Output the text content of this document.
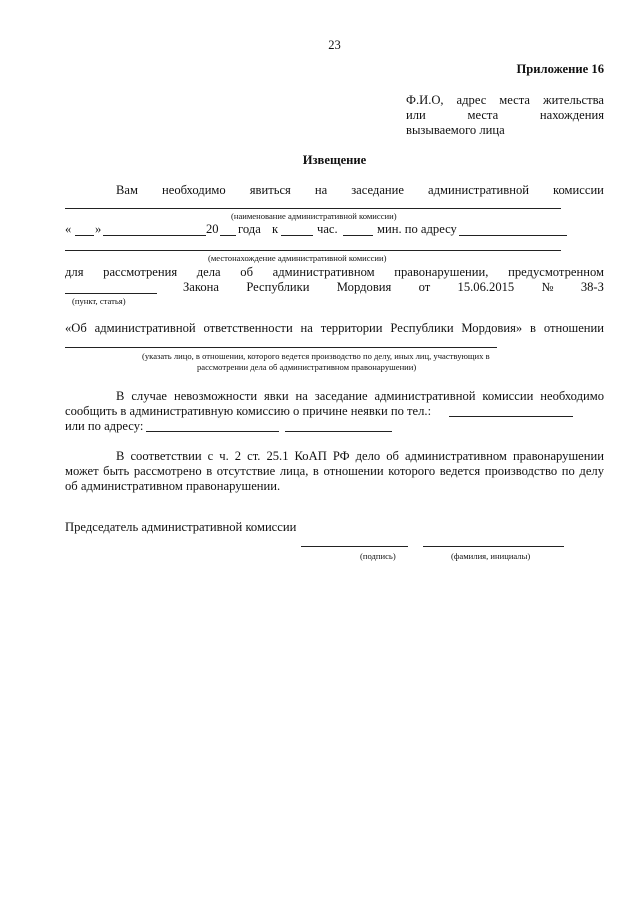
23
Приложение 16
Ф.И.О, адрес места жительства
или	места	нахождения
вызываемого лица
Извещение
Вам необходимо явиться на заседание административной комиссии
(наименование административной комиссии)
« »	20 года к	час.	мин. по адресу
(местонахождение административной комиссии)
для рассмотрения дела об административном правонарушении, предусмотренном
Закона Республики Мордовия от 15.06.2015 № 38-З
(пункт, статья)
«Об административной ответственности на территории Республики Мордовия» в отношении
(указать лицо, в отношении, которого ведется производство по делу, иных лиц, участвующих в
рассмотрении дела об административном правонарушении)
В случае невозможности явки на заседание административной комиссии необходимо
сообщить в административную комиссию о причине неявки по тел.:
или по адресу:
В соответствии с ч. 2 ст. 25.1 КоАП РФ дело об административном правонарушении
может быть рассмотрено в отсутствие лица, в отношении которого ведется производство по делу
об административном правонарушении.
Председатель административной комиссии
(подпись)	(фамилия, инициалы)
